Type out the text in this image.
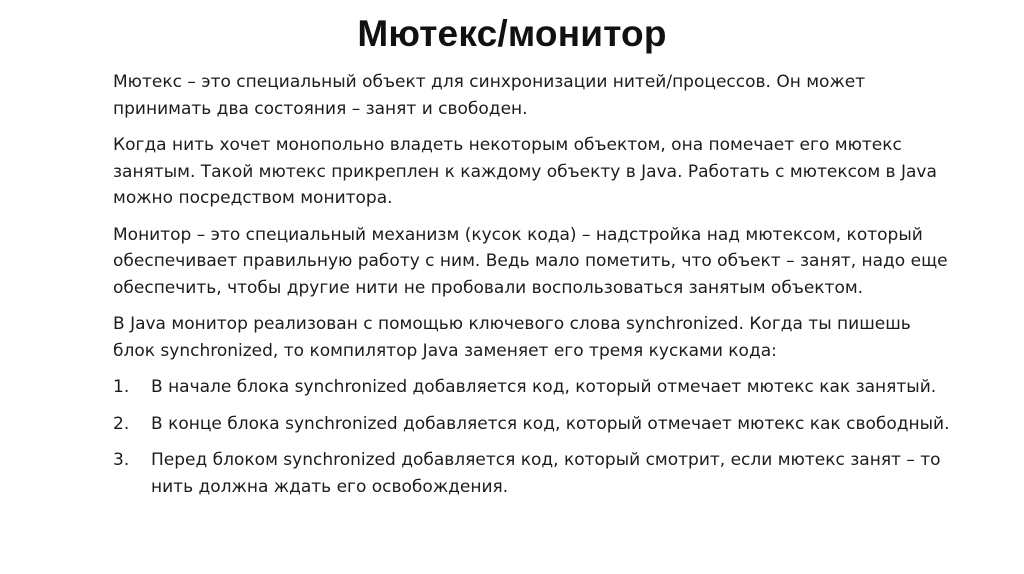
Мютекс/монитор
Мютекс – это специальный объект для синхронизации нитей/процессов. Он может
принимать два состояния – занят и свободен.
Когда нить хочет монопольно владеть некоторым объектом, она помечает его мютекс
занятым. Такой мютекс прикреплен к каждому объекту в Java. Работать с мютексом в Java
можно посредством монитора.
Монитор – это специальный механизм (кусок кода) – надстройка над мютексом, который
обеспечивает правильную работу с ним. Ведь мало пометить, что объект – занят, надо еще
обеспечить, чтобы другие нити не пробовали воспользоваться занятым объектом.
В Java монитор реализован с помощью ключевого слова synchronized. Когда ты пишешь
блок synchronized, то компилятор Java заменяет его тремя кусками кода:
1.	В начале блока synchronized добавляется код, который отмечает мютекс как занятый.
2.	В конце блока synchronized добавляется код, который отмечает мютекс как свободный.
3.	Перед блоком synchronized добавляется код, который смотрит, если мютекс занят – то
нить должна ждать его освобождения.
